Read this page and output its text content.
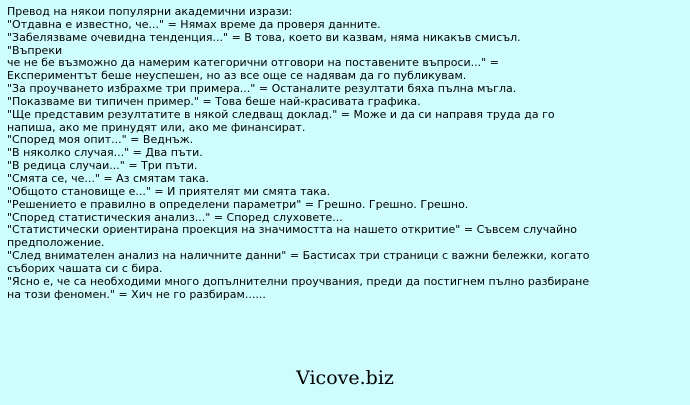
Превод на някои популярни академични изрази:

"Отдавна е известно, че..." = Нямах време да проверя данните.

"Забелязваме очевидна тенденция..." = В това, което ви казвам, няма никакъв смисъл.

"Въпреки

че не бе възможно да намерим категорични отговори на поставените въпроси..." =

Експериментът беше неуспешен, но аз все още се надявам да го публикувам.

"За проучването избрахме три примера..." = Останалите резултати бяха пълна мъгла.

"Показваме ви типичен пример." = Това беше най-красивата графика.

"Ще представим резултатите в някой следващ доклад." = Може и да си направя труда да го

напиша, ако ме принудят или, ако ме финансират.

"Според моя опит..." = Веднъж.

"В няколко случая..." = Два пъти.

"В редица случаи..." = Три пъти.

"Смята се, че..." = Аз смятам така.

"Общото становище е..." = И приятелят ми смята така.

"Решението е правилно в определени параметри" = Грешно. Грешно. Грешно.

"Според статистическия анализ..." = Според слуховете...

"Статистически ориентирана проекция на значимостта на нашето откритие" = Съвсем случайно

предположение.

"След внимателен анализ на наличните данни" = Бастисах три страници с важни бележки, когато

съборих чашата си с бира.

"Ясно е, че са необходими много допълнителни проучвания, преди да постигнем пълно разбиране

на този феномен." = Хич не го разбирам......

Vicove.biz
